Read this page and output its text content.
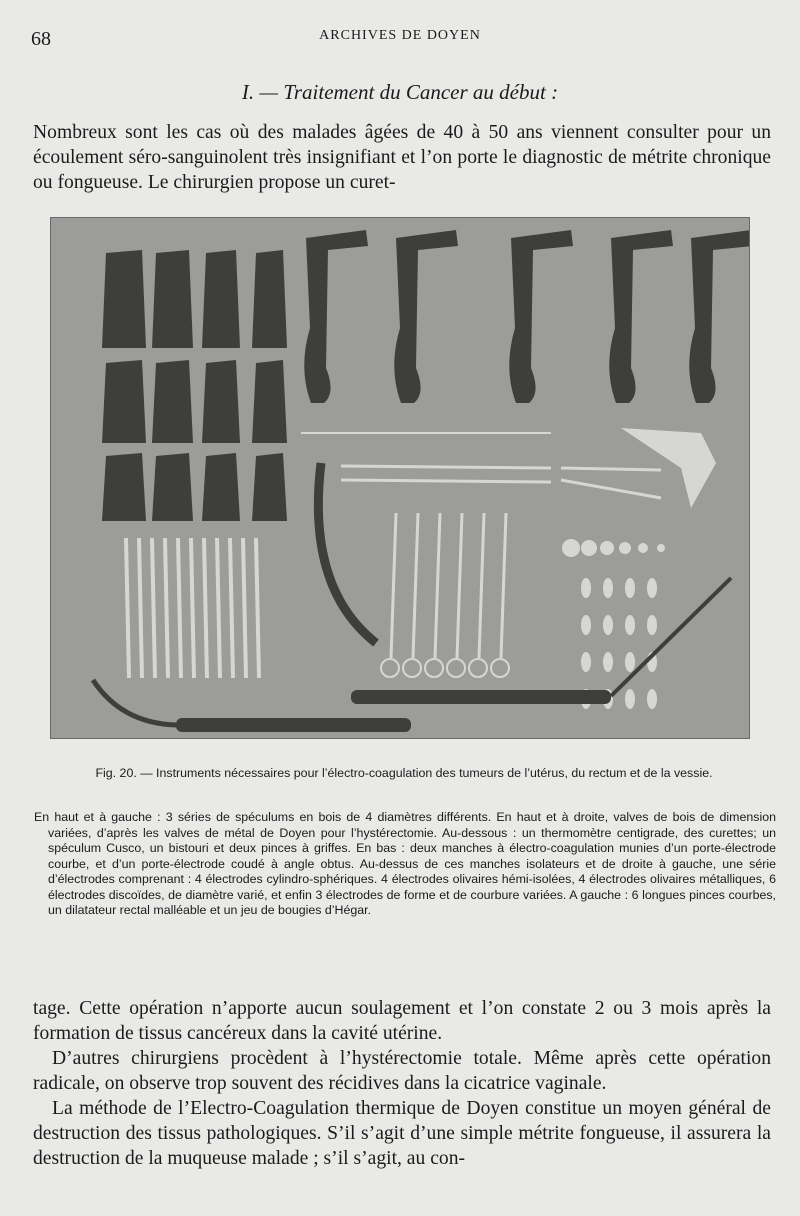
68	ARCHIVES DE DOYEN
I. — Traitement du Cancer au début :

Nombreux sont les cas où des malades âgées de 40 à 50 ans viennent consulter pour un écoulement séro-sanguinolent très insignifiant et l’on porte le diagnostic de métrite chronique ou fongueuse. Le chirurgien propose un curet-

Fig. 20. — Instruments nécessaires pour l’électro-coagulation des tumeurs de l’utérus, du rectum et de la vessie.

En haut et à gauche : 3 séries de spéculums en bois de 4 diamètres différents. En haut et à droite, valves de bois de dimension variées, d’après les valves de métal de Doyen pour l’hystérectomie. Au-dessous : un thermomètre centigrade, des curettes; un spéculum Cusco, un bistouri et deux pinces à griffes. En bas : deux manches à électro-coagulation munies d’un porte-électrode courbe, et d’un porte-électrode coudé à angle obtus. Au-dessus de ces manches isolateurs et de droite à gauche, une série d’électrodes comprenant : 4 électrodes cylindro-sphériques. 4 électrodes olivaires hémi-isolées, 4 électrodes olivaires métalliques, 6 électrodes discoïdes, de diamètre varié, et enfin 3 électrodes de forme et de courbure variées. A gauche : 6 longues pinces courbes, un dilatateur rectal malléable et un jeu de bougies d’Hégar.

tage. Cette opération n’apporte aucun soulagement et l’on constate 2 ou 3 mois après la formation de tissus cancéreux dans la cavité utérine.

D’autres chirurgiens procèdent à l’hystérectomie totale. Même après cette opération radicale, on observe trop souvent des récidives dans la cicatrice vaginale.

La méthode de l’Electro-Coagulation thermique de Doyen constitue un moyen général de destruction des tissus pathologiques. S’il s’agit d’une simple métrite fongueuse, il assurera la destruction de la muqueuse malade ; s’il s’agit, au con-
